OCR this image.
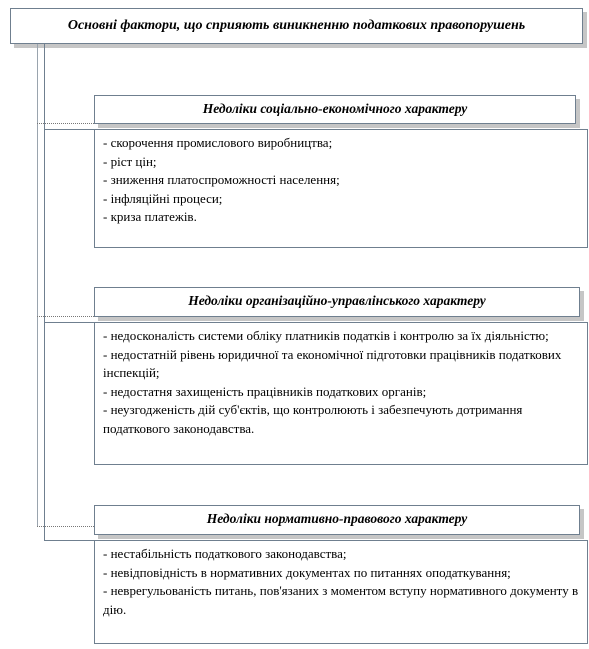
Основні фактори, що сприяють виникненню податкових правопорушень
Недоліки соціально-економічного характеру
- скорочення промислового виробництва;
- ріст цін;
- зниження платоспроможності населення;
- інфляційні процеси;
- криза платежів.
Недоліки організаційно-управлінського характеру
- недосконалість системи обліку платників податків і контролю за їх діяльністю;
- недостатній рівень юридичної та економічної підготовки працівників податкових інспекцій;
- недостатня захищеність працівників податкових органів;
- неузгодженість дій суб'єктів, що контролюють і забезпечують дотримання податкового законодавства.
Недоліки нормативно-правового характеру
- нестабільність податкового законодавства;
- невідповідність в нормативних документах по питаннях оподаткування;
- неврегульованість питань, пов'язаних з моментом вступу нормативного документу в дію.
